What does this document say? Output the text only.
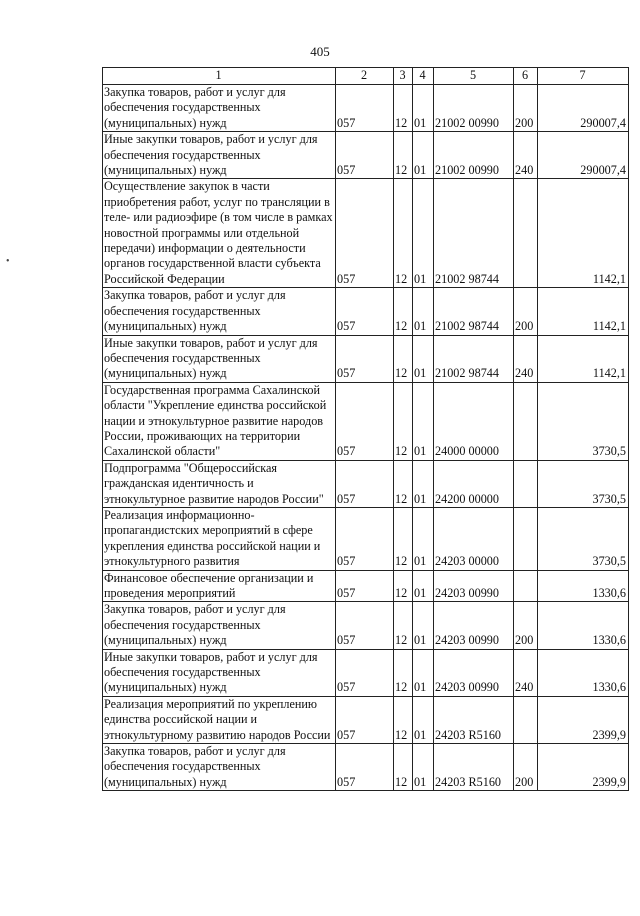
405
•
1	2	3	4	5	6	7
Закупка товаров, работ и услуг для обеспечения государственных (муниципальных) нужд	057	12	01	21002 00990	200	290007,4
Иные закупки товаров, работ и услуг для обеспечения государственных (муниципальных) нужд	057	12	01	21002 00990	240	290007,4
Осуществление закупок в части приобретения работ, услуг по трансляции в теле- или радиоэфире (в том числе в рамках новостной программы или отдельной передачи) информации о деятельности органов государственной власти субъекта Российской Федерации	057	12	01	21002 98744		1142,1
Закупка товаров, работ и услуг для обеспечения государственных (муниципальных) нужд	057	12	01	21002 98744	200	1142,1
Иные закупки товаров, работ и услуг для обеспечения государственных (муниципальных) нужд	057	12	01	21002 98744	240	1142,1
Государственная программа Сахалинской области "Укрепление единства российской нации и этнокультурное развитие народов России, проживающих на территории Сахалинской области"	057	12	01	24000 00000		3730,5
Подпрограмма "Общероссийская гражданская идентичность и этнокультурное развитие народов России"	057	12	01	24200 00000		3730,5
Реализация информационно-пропагандистских мероприятий в сфере укрепления единства российской нации и этнокультурного развития	057	12	01	24203 00000		3730,5
Финансовое обеспечение организации и проведения мероприятий	057	12	01	24203 00990		1330,6
Закупка товаров, работ и услуг для обеспечения государственных (муниципальных) нужд	057	12	01	24203 00990	200	1330,6
Иные закупки товаров, работ и услуг для обеспечения государственных (муниципальных) нужд	057	12	01	24203 00990	240	1330,6
Реализация мероприятий по укреплению единства российской нации и этнокультурному развитию народов России	057	12	01	24203 R5160		2399,9
Закупка товаров, работ и услуг для обеспечения государственных (муниципальных) нужд	057	12	01	24203 R5160	200	2399,9
